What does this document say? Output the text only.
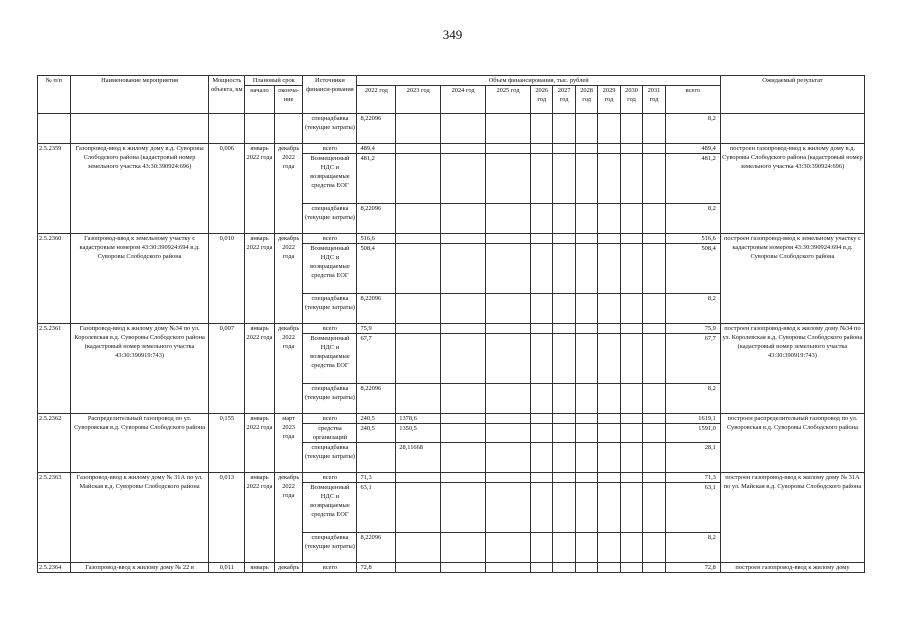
349
№ п/п	Наименование мероприятия	Мощность объекта, км	Плановый срок		Источники финанси-рования	Объем финансирования, тыс. рублей											Ожидаемый результат
			начало	оконча-ние		2022 год	2023 год	2024 год	2025 год	2026 год	2027 год	2028 год	2029 год	2030 год	2031 год	всего	
					спецнадбавка (текущие затраты)	8,22096										8,2	
2.5.2359	Газопровод-ввод к жилому дому в.д. Суворовы Слободского района (кадастровый номер земельного участка 43:30:390924:696)	0,006	январь 2022 года	декабрь 2022 года	всего	489,4										489,4	построен газопровод-ввод к жилому дому в.д. Суворовы Слободского района (кадастровый номер земельного участка 43:30:390924:696)
					Возмещенный НДС и возвращаемые средства ЕОГ	481,2										481,2	
					спецнадбавка (текущие затраты)	8,22096										8,2	
2.5.2360	Газопровод-ввод к земельному участку с кадастровым номером 43:30:390924:694 в.д. Суворовы Слободского района	0,010	январь 2022 года	декабрь 2022 года	всего	516,6										516,6	построен газопровод-ввод к земельному участку с кадастровым номером 43:30:390924:694 в.д. Суворовы Слободского района
					Возмещенный НДС и возвращаемые средства ЕОГ	508,4										508,4	
					спецнадбавка (текущие затраты)	8,22096										8,2	
2.5.2361	Газопровод-ввод к жилому дому №34 по ул. Королевская в.д. Суворовы Слободского района (кадастровый номер земельного участка 43:30:390919:743)	0,007	январь 2022 года	декабрь 2022 года	всего	75,9										75,9	построен газопровод-ввод к жилому дому №34 по ул. Королевская в.д. Суворовы Слободского района (кадастровый номер земельного участка 43:30:390919:743)
					Возмещенный НДС и возвращаемые средства ЕОГ	67,7										67,7	
					спецнадбавка (текущие затраты)	8,22096										8,2	
2.5.2362	Распределительный газопровод по ул. Суворовская в.д. Суворовы Слободского района	0,155	январь 2022 года	март 2023 года	всего	240,5	1378,6									1619,1	построен распределительный газопровод по ул. Суворовская в.д. Суворовы Слободского района
					средства организаций	240,5	1350,5									1591,0	
					спецнадбавка (текущие затраты)		28,11668									28,1	
2.5.2363	Газопровод-ввод к жилому дому № 31А по ул. Майская в.д. Суворовы Слободского района	0,013	январь 2022 года	декабрь 2022 года	всего	71,3										71,3	построен газопровод-ввод к жилому дому № 31А по ул. Майская в.д. Суворовы Слободского района
					Возмещенный НДС и возвращаемые средства ЕОГ	63,1										63,1	
					спецнадбавка (текущие затраты)	8,22096										8,2	
2.5.2364	Газопровод-ввод к жилому дому № 22 в	0,011	январь	декабрь	всего	72,8										72,8	построен газопровод-ввод к жилому дому
